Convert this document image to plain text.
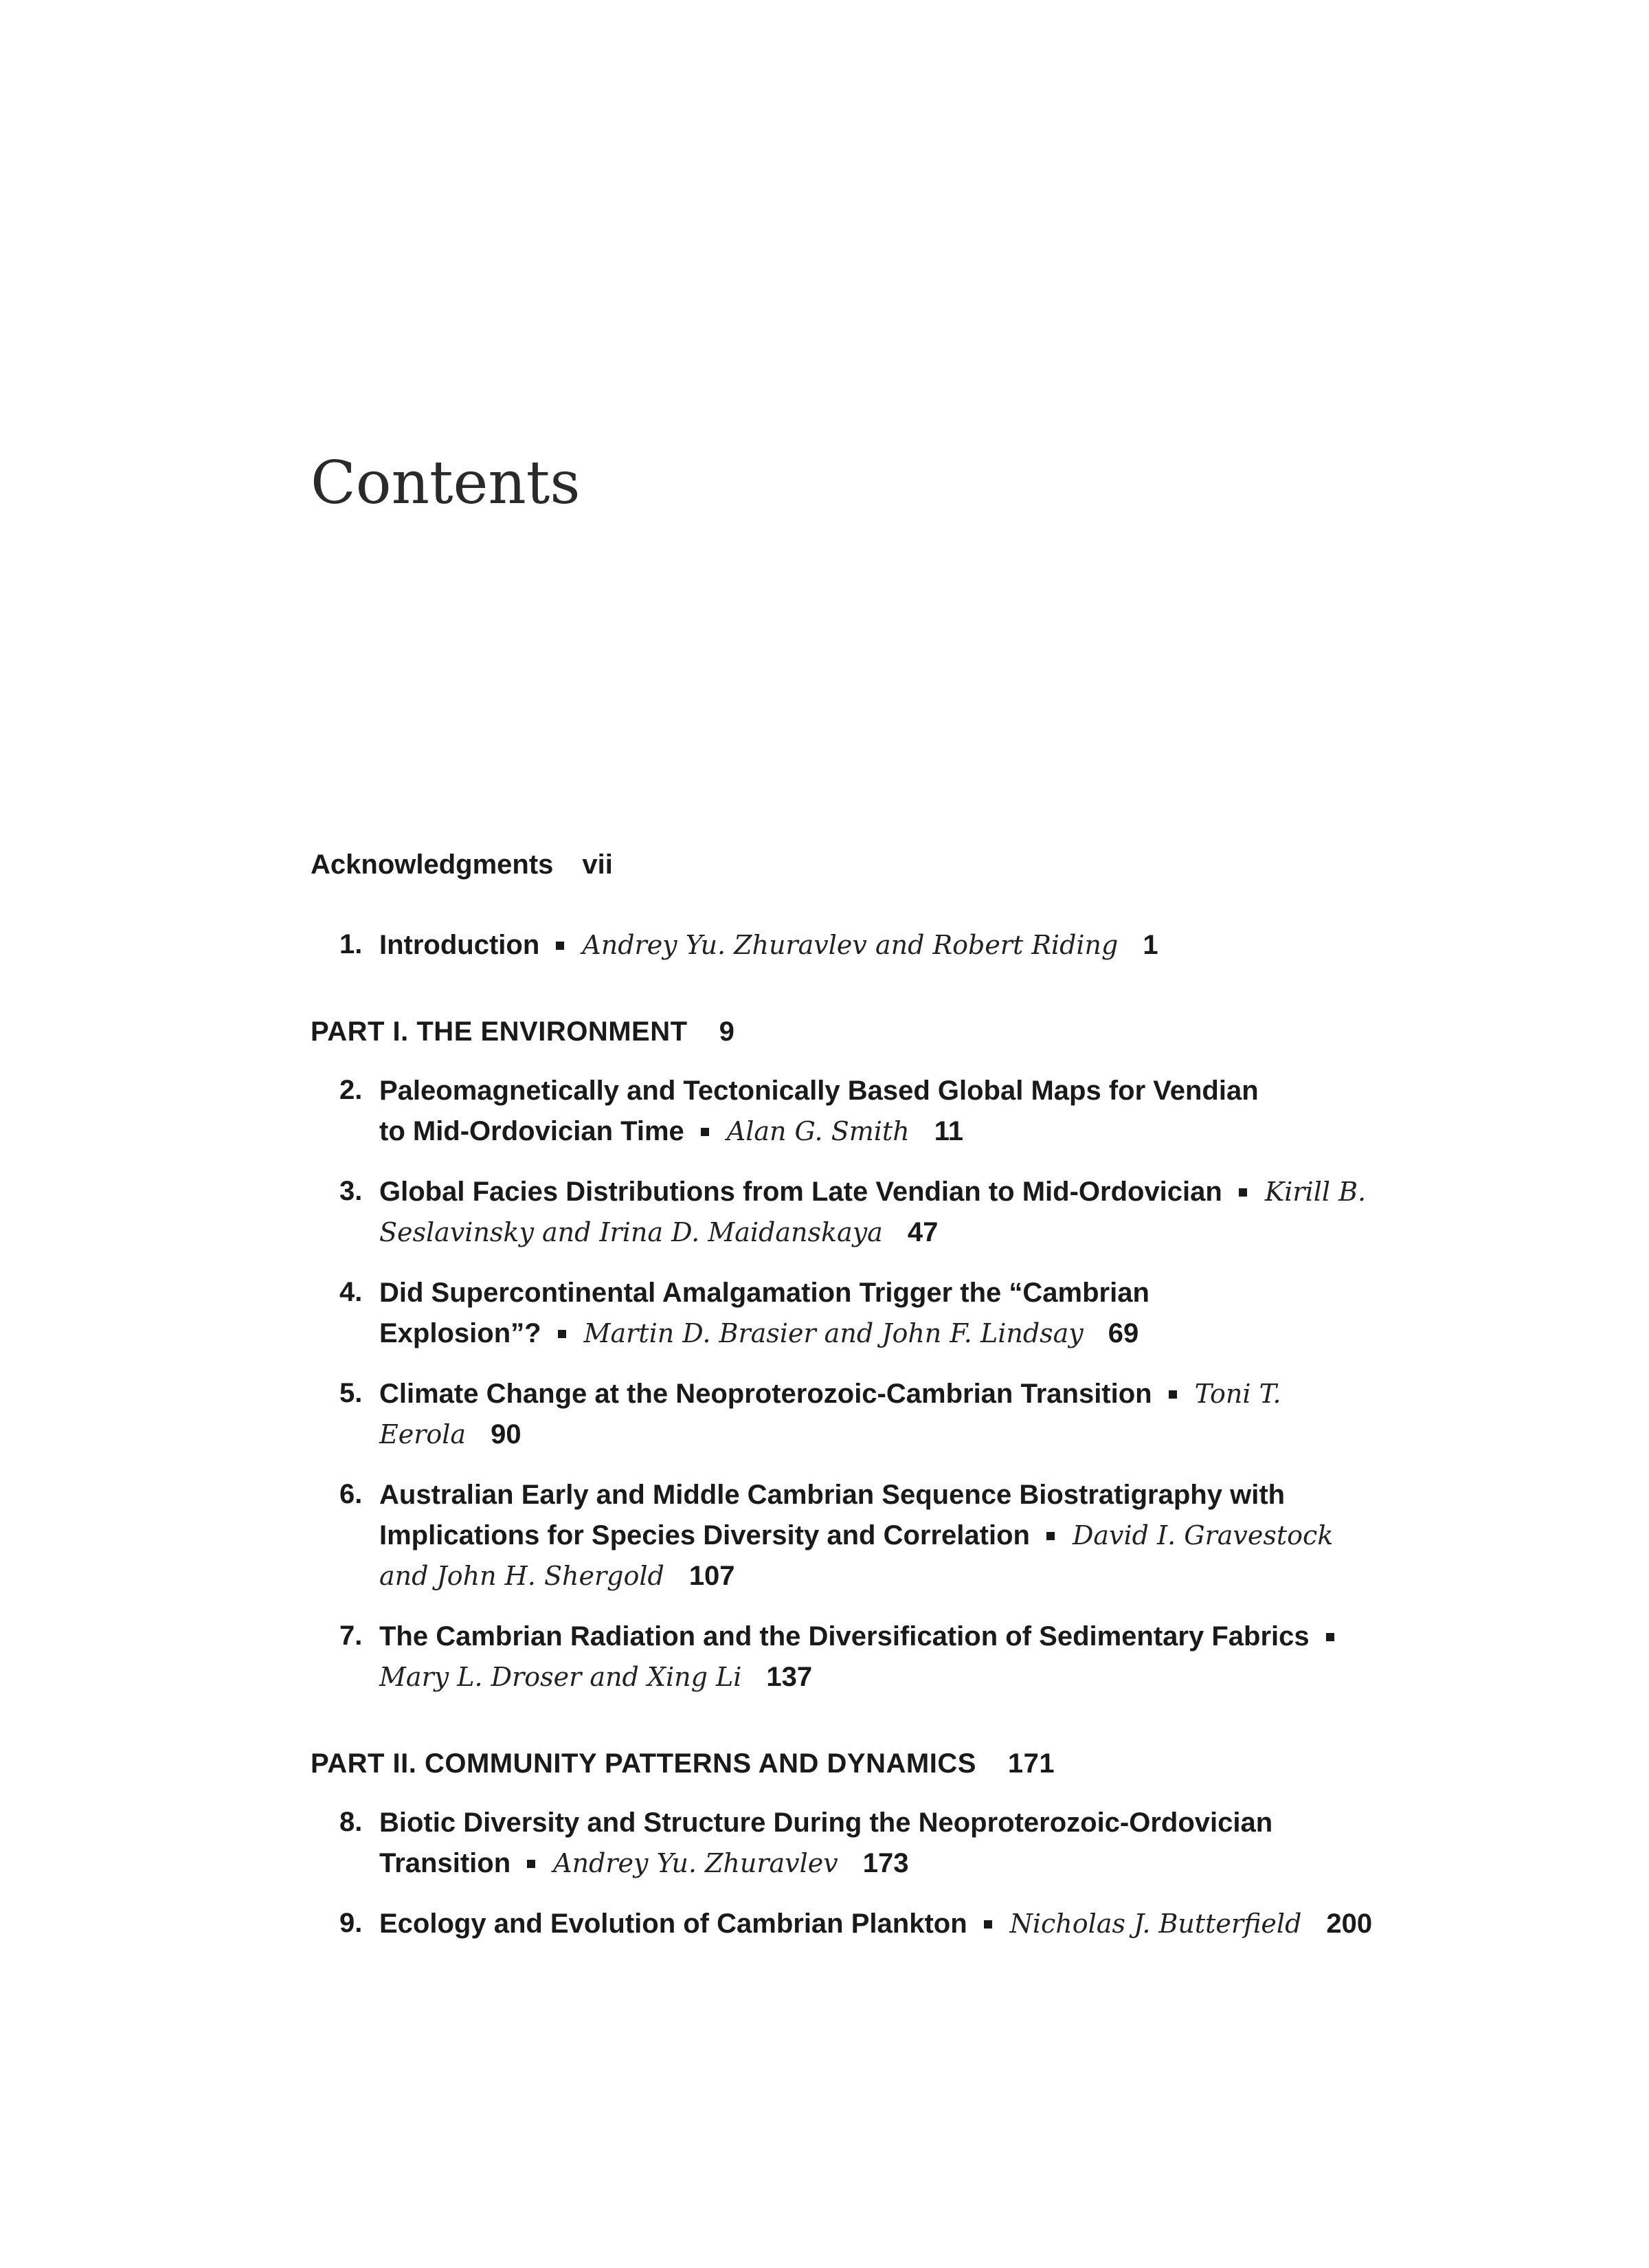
Contents
Acknowledgments vii
1. Introduction Andrey Yu. Zhuravlev and Robert Riding 1
PART I. THE ENVIRONMENT 9
2. Paleomagnetically and Tectonically Based Global Maps for Vendian
to Mid-Ordovician Time Alan G. Smith 11
3. Global Facies Distributions from Late Vendian to Mid-Ordovician Kirill B.
Seslavinsky and Irina D. Maidanskaya 47
4. Did Supercontinental Amalgamation Trigger the “Cambrian
Explosion”? Martin D. Brasier and John F. Lindsay 69
5. Climate Change at the Neoproterozoic-Cambrian Transition Toni T.
Eerola 90
6. Australian Early and Middle Cambrian Sequence Biostratigraphy with
Implications for Species Diversity and Correlation David I. Gravestock
and John H. Shergold 107
7. The Cambrian Radiation and the Diversification of Sedimentary Fabrics
Mary L. Droser and Xing Li 137
PART II. COMMUNITY PATTERNS AND DYNAMICS 171
8. Biotic Diversity and Structure During the Neoproterozoic-Ordovician
Transition Andrey Yu. Zhuravlev 173
9. Ecology and Evolution of Cambrian Plankton Nicholas J. Butterfield 200
